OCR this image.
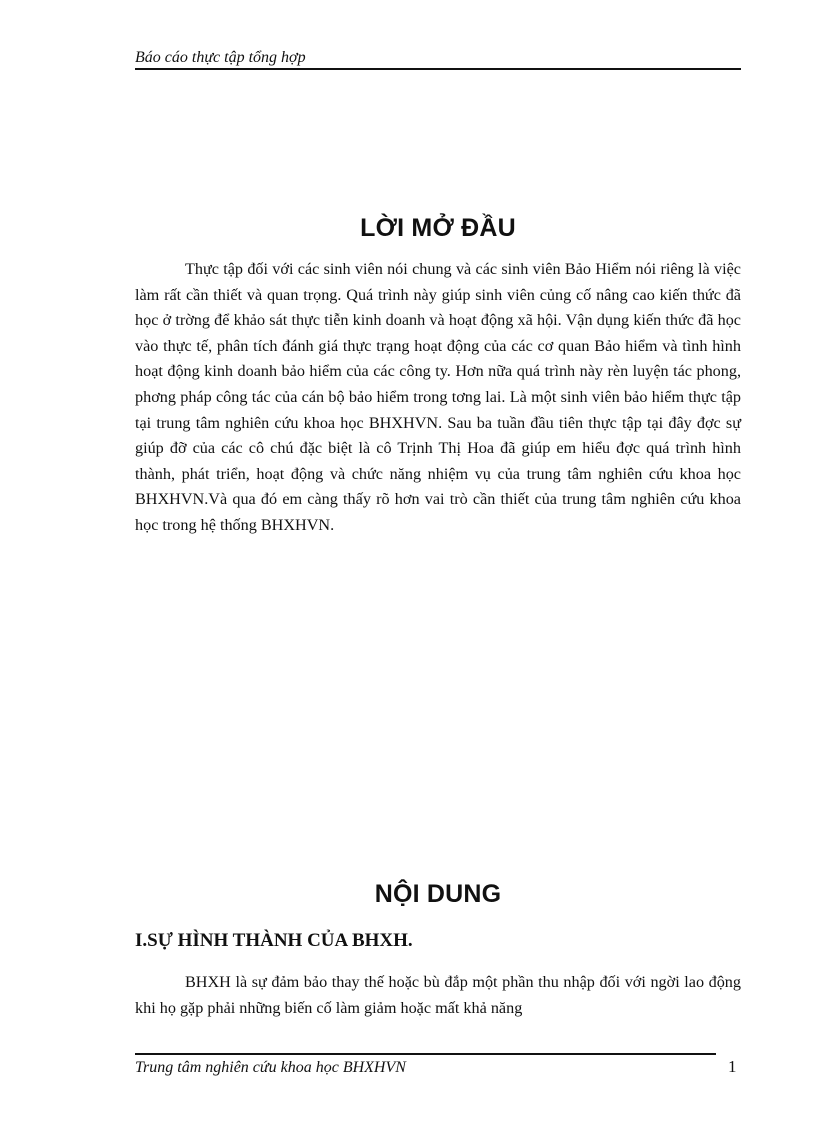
Báo cáo thực tập tổng hợp
LỜI MỞ ĐẦU

Thực tập đối với các sinh viên nói chung và các sinh viên Bảo Hiểm nói riêng là việc làm rất cần thiết và quan trọng. Quá trình này giúp sinh viên củng cố nâng cao kiến thức đã học ở trờng để khảo sát thực tiễn kinh doanh và hoạt động xã hội. Vận dụng kiến thức đã học vào thực tế, phân tích đánh giá thực trạng hoạt động của các cơ quan Bảo hiểm và tình hình hoạt động kinh doanh bảo hiểm của các công ty. Hơn nữa quá trình này rèn luyện tác phong, phơng pháp công tác của cán bộ bảo hiểm trong tơng lai. Là một sinh viên bảo hiểm thực tập tại trung tâm nghiên cứu khoa học BHXHVN. Sau ba tuần đầu tiên thực tập tại đây đợc sự giúp đỡ của các cô chú đặc biệt là cô Trịnh Thị Hoa đã giúp em hiểu đợc quá trình hình thành, phát triển, hoạt động và chức năng nhiệm vụ của trung tâm nghiên cứu khoa học BHXHVN.Và qua đó em càng thấy rõ hơn vai trò cần thiết của trung tâm nghiên cứu khoa học trong hệ thống BHXHVN.

NỘI DUNG
I.SỰ HÌNH THÀNH CỦA BHXH.

BHXH là sự đảm bảo thay thế hoặc bù đắp một phần thu nhập đối với ngời lao động khi họ gặp phải những biến cố làm giảm hoặc mất khả năng

Trung tâm nghiên cứu khoa học BHXHVN	1
